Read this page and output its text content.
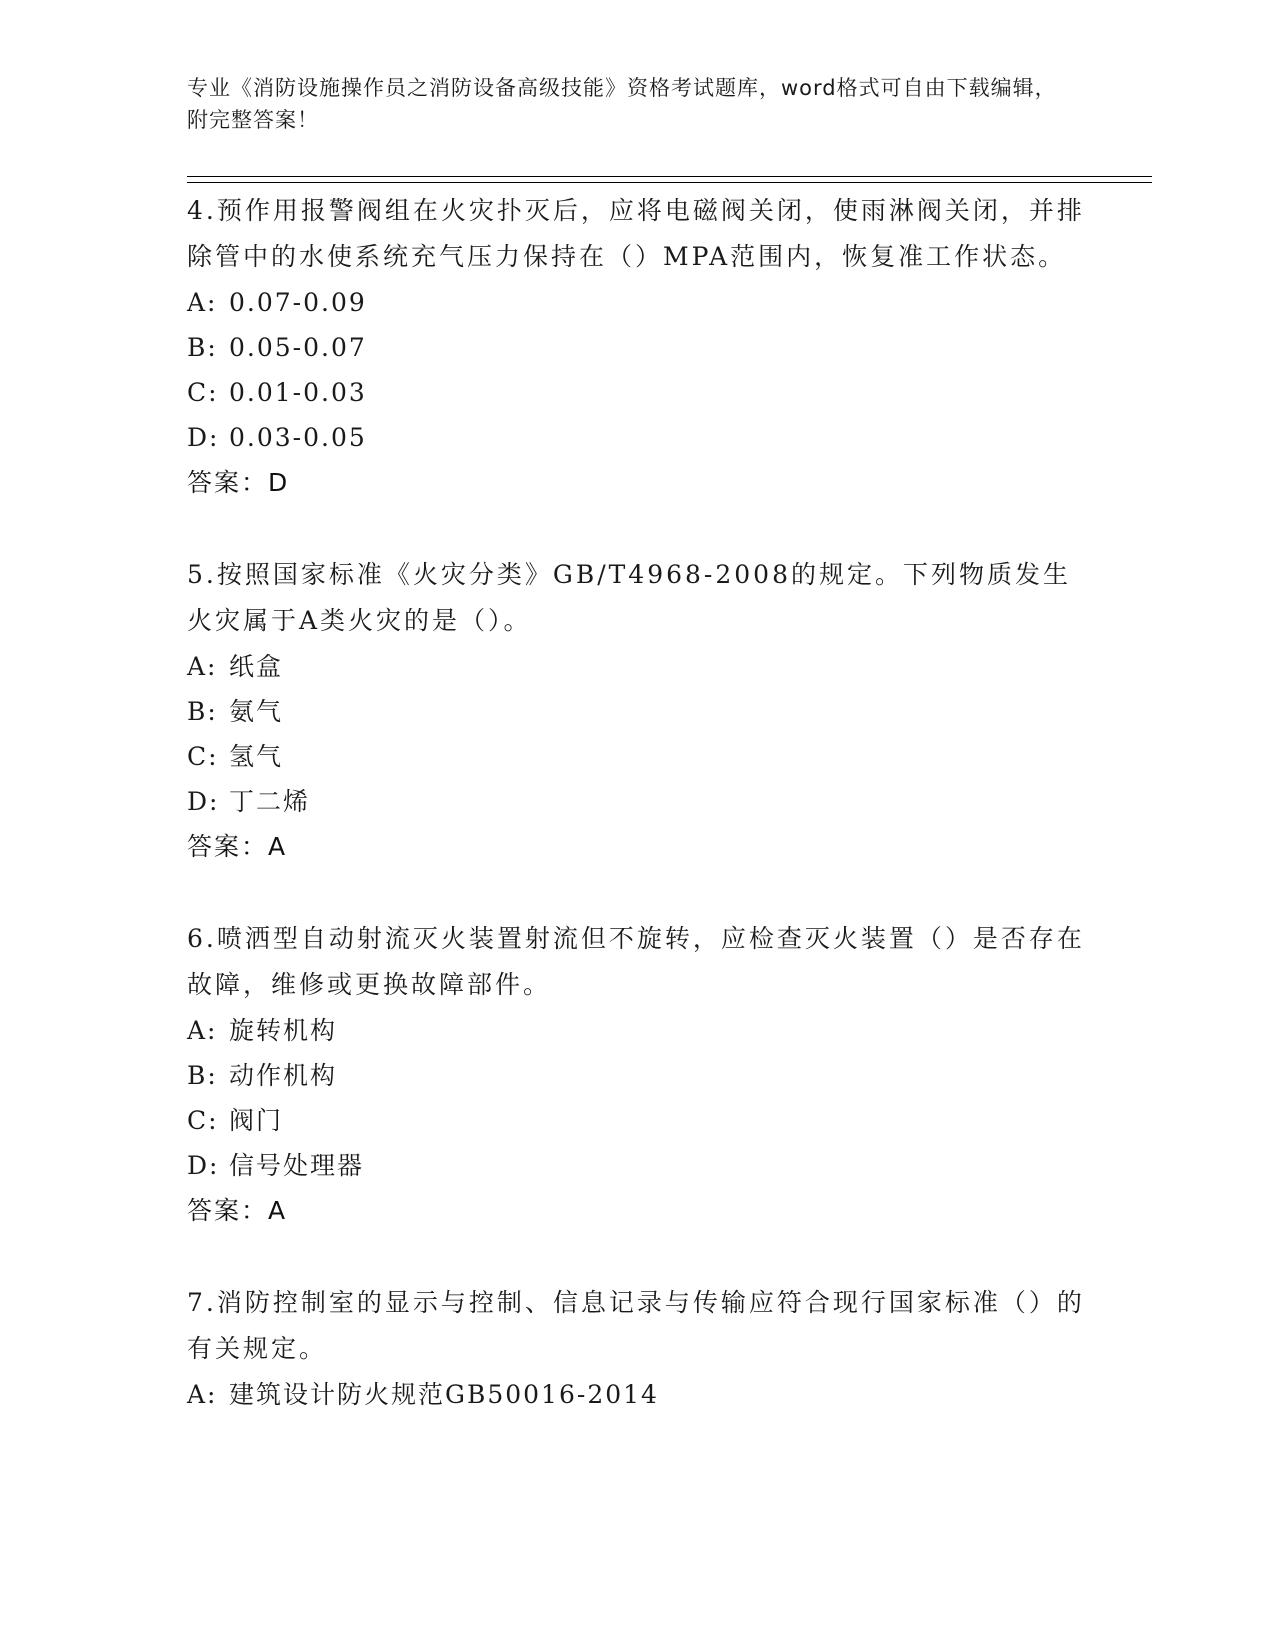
专业《消防设施操作员之消防设备高级技能》资格考试题库，word格式可自由下载编辑，附完整答案！

4.预作用报警阀组在火灾扑灭后，应将电磁阀关闭，使雨淋阀关闭，并排除管中的水使系统充气压力保持在（）MPA范围内，恢复准工作状态。

A: 0.07-0.09

B: 0.05-0.07

C: 0.01-0.03

D: 0.03-0.05

答案：D

5.按照国家标准《火灾分类》GB/T4968-2008的规定。下列物质发生火灾属于A类火灾的是（）。

A: 纸盒

B: 氨气

C: 氢气

D: 丁二烯

答案：A

6.喷洒型自动射流灭火装置射流但不旋转，应检查灭火装置（）是否存在故障，维修或更换故障部件。

A: 旋转机构

B: 动作机构

C: 阀门

D: 信号处理器

答案：A

7.消防控制室的显示与控制、信息记录与传输应符合现行国家标准（）的有关规定。

A: 建筑设计防火规范GB50016-2014
